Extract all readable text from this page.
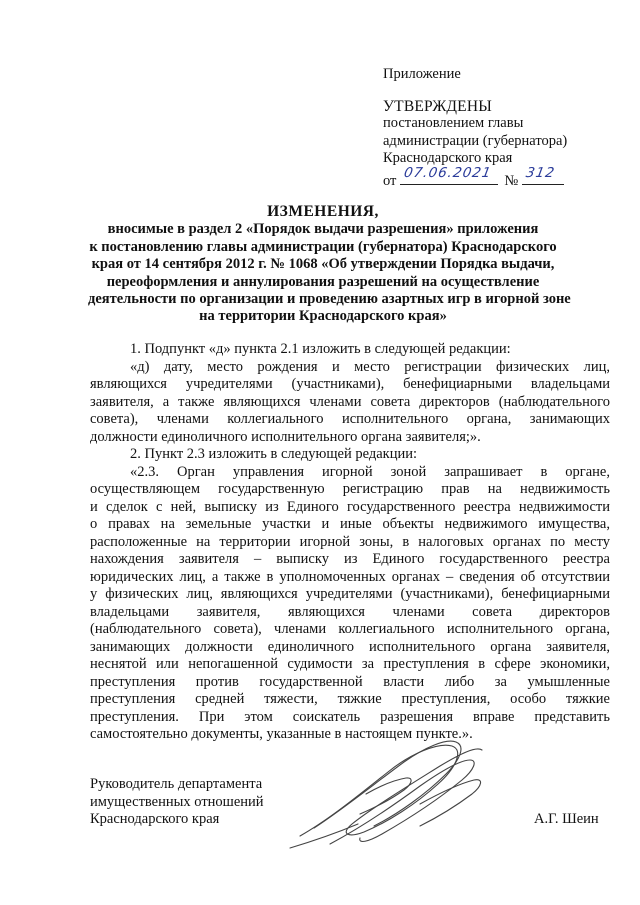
Приложение
УТВЕРЖДЕНЫ
постановлением главы
администрации (губернатора)
Краснодарского края
от 07.06.2021 № 312
ИЗМЕНЕНИЯ,
вносимые в раздел 2 «Порядок выдачи разрешения» приложения
к постановлению главы администрации (губернатора) Краснодарского
края от 14 сентября 2012 г. № 1068 «Об утверждении Порядка выдачи,
переоформления и аннулирования разрешений на осуществление
деятельности по организации и проведению азартных игр в игорной зоне
на территории Краснодарского края»
1. Подпункт «д» пункта 2.1 изложить в следующей редакции:
«д) дату, место рождения и место регистрации физических лиц,
являющихся учредителями (участниками), бенефициарными владельцами
заявителя, а также являющихся членами совета директоров (наблюдательного
совета), членами коллегиального исполнительного органа, занимающих
должности единоличного исполнительного органа заявителя;».
2. Пункт 2.3 изложить в следующей редакции:
«2.3. Орган управления игорной зоной запрашивает в органе,
осуществляющем государственную регистрацию прав на недвижимость
и сделок с ней, выписку из Единого государственного реестра недвижимости
о правах на земельные участки и иные объекты недвижимого имущества,
расположенные на территории игорной зоны, в налоговых органах по месту
нахождения заявителя – выписку из Единого государственного реестра
юридических лиц, а также в уполномоченных органах – сведения об отсутствии
у физических лиц, являющихся учредителями (участниками), бенефициарными
владельцами заявителя, являющихся членами совета директоров
(наблюдательного совета), членами коллегиального исполнительного органа,
занимающих должности единоличного исполнительного органа заявителя,
неснятой или непогашенной судимости за преступления в сфере экономики,
преступления против государственной власти либо за умышленные
преступления средней тяжести, тяжкие преступления, особо тяжкие
преступления. При этом соискатель разрешения вправе представить
самостоятельно документы, указанные в настоящем пункте.».
Руководитель департамента
имущественных отношений
Краснодарского края	А.Г. Шеин
